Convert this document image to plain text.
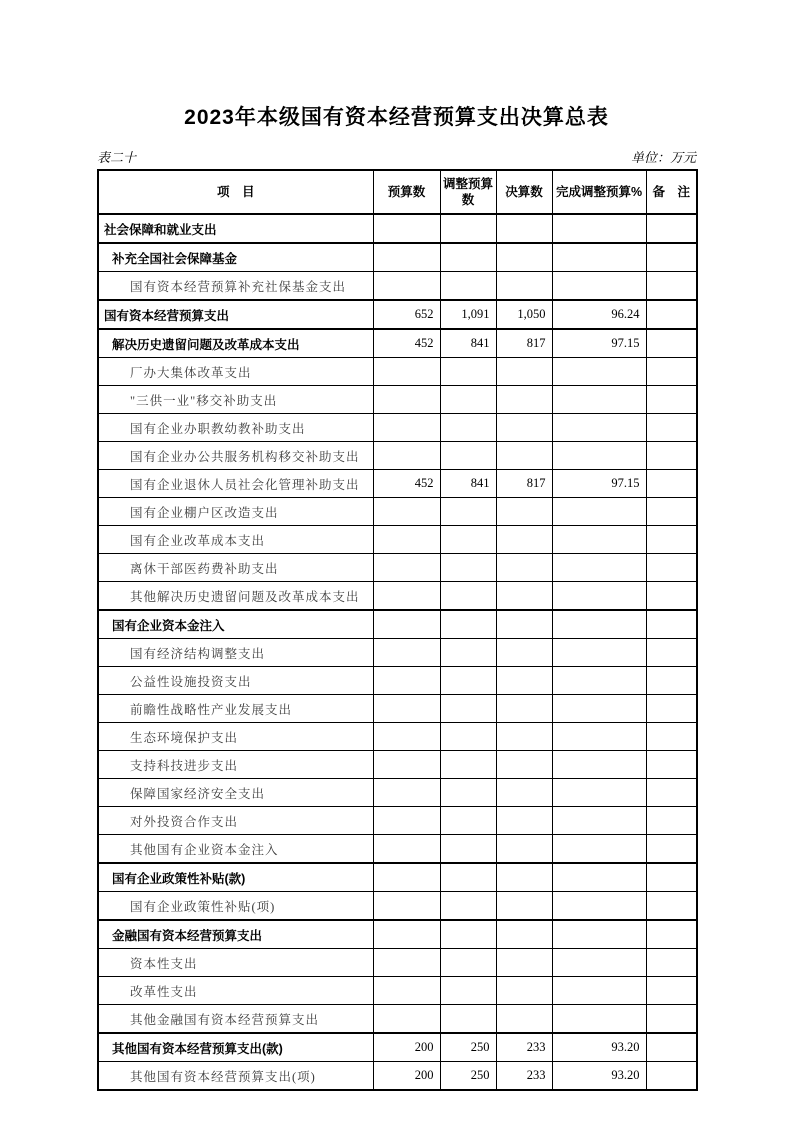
2023年本级国有资本经营预算支出决算总表
表二十	单位：万元
项　目	预算数	调整预算数	决算数	完成调整预算%	备　注
社会保障和就业支出					
补充全国社会保障基金					
国有资本经营预算补充社保基金支出					
国有资本经营预算支出	652	1,091	1,050	96.24	
解决历史遗留问题及改革成本支出	452	841	817	97.15	
厂办大集体改革支出					
"三供一业"移交补助支出					
国有企业办职教幼教补助支出					
国有企业办公共服务机构移交补助支出					
国有企业退休人员社会化管理补助支出	452	841	817	97.15	
国有企业棚户区改造支出					
国有企业改革成本支出					
离休干部医药费补助支出					
其他解决历史遗留问题及改革成本支出					
国有企业资本金注入					
国有经济结构调整支出					
公益性设施投资支出					
前瞻性战略性产业发展支出					
生态环境保护支出					
支持科技进步支出					
保障国家经济安全支出					
对外投资合作支出					
其他国有企业资本金注入					
国有企业政策性补贴(款)					
国有企业政策性补贴(项)					
金融国有资本经营预算支出					
资本性支出					
改革性支出					
其他金融国有资本经营预算支出					
其他国有资本经营预算支出(款)	200	250	233	93.20	
其他国有资本经营预算支出(项)	200	250	233	93.20	
